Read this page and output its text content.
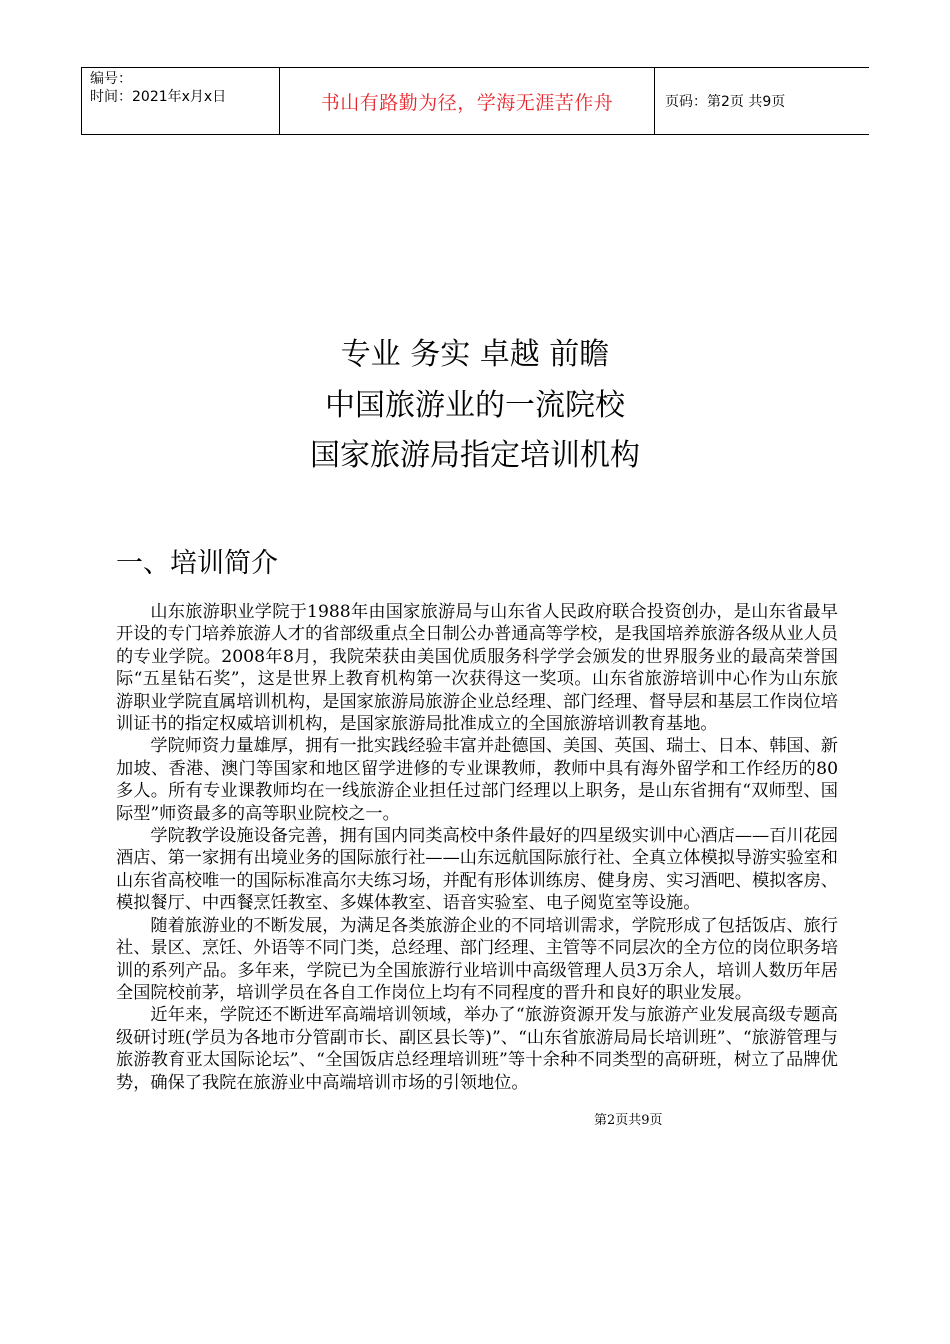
编号：
时间：2021年x月x日	书山有路勤为径，学海无涯苦作舟	页码：第2页 共9页
专业 务实 卓越 前瞻
中国旅游业的一流院校
国家旅游局指定培训机构
一、培训简介

山东旅游职业学院于1988年由国家旅游局与山东省人民政府联合投资创办，是山东省最早开设的专门培养旅游人才的省部级重点全日制公办普通高等学校，是我国培养旅游各级从业人员的专业学院。2008年8月，我院荣获由美国优质服务科学学会颁发的世界服务业的最高荣誉国际“五星钻石奖”，这是世界上教育机构第一次获得这一奖项。山东省旅游培训中心作为山东旅游职业学院直属培训机构，是国家旅游局旅游企业总经理、部门经理、督导层和基层工作岗位培训证书的指定权威培训机构，是国家旅游局批准成立的全国旅游培训教育基地。

学院师资力量雄厚，拥有一批实践经验丰富并赴德国、美国、英国、瑞士、日本、韩国、新加坡、香港、澳门等国家和地区留学进修的专业课教师，教师中具有海外留学和工作经历的80多人。所有专业课教师均在一线旅游企业担任过部门经理以上职务，是山东省拥有“双师型、国际型”师资最多的高等职业院校之一。

学院教学设施设备完善，拥有国内同类高校中条件最好的四星级实训中心酒店——百川花园酒店、第一家拥有出境业务的国际旅行社——山东远航国际旅行社、全真立体模拟导游实验室和山东省高校唯一的国际标准高尔夫练习场，并配有形体训练房、健身房、实习酒吧、模拟客房、模拟餐厅、中西餐烹饪教室、多媒体教室、语音实验室、电子阅览室等设施。

随着旅游业的不断发展，为满足各类旅游企业的不同培训需求，学院形成了包括饭店、旅行社、景区、烹饪、外语等不同门类，总经理、部门经理、主管等不同层次的全方位的岗位职务培训的系列产品。多年来，学院已为全国旅游行业培训中高级管理人员3万余人，培训人数历年居全国院校前茅，培训学员在各自工作岗位上均有不同程度的晋升和良好的职业发展。

近年来，学院还不断进军高端培训领域，举办了“旅游资源开发与旅游产业发展高级专题高级研讨班(学员为各地市分管副市长、副区县长等)”、“山东省旅游局局长培训班”、“旅游管理与旅游教育亚太国际论坛”、“全国饭店总经理培训班”等十余种不同类型的高研班，树立了品牌优势，确保了我院在旅游业中高端培训市场的引领地位。

第2页共9页
